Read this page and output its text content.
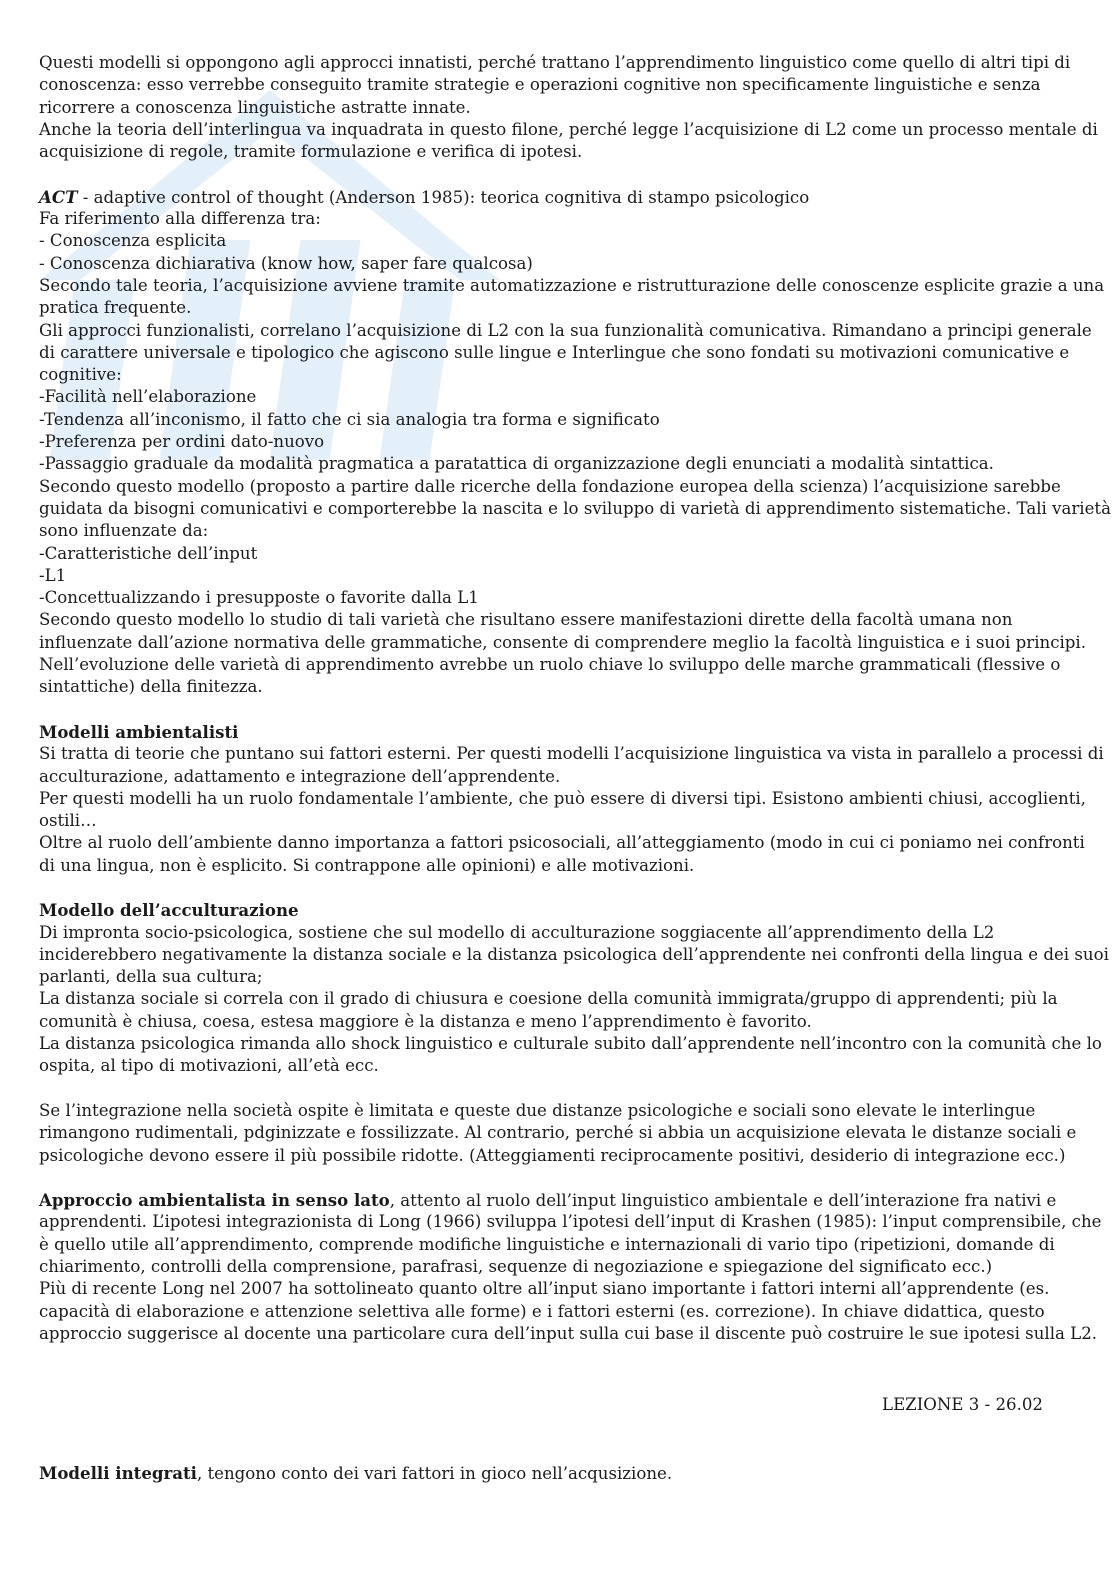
Questi modelli si oppongono agli approcci innatisti, perché trattano l’apprendimento linguistico come quello di altri tipi di
conoscenza: esso verrebbe conseguito tramite strategie e operazioni cognitive non specificamente linguistiche e senza
ricorrere a conoscenza linguistiche astratte innate.
Anche la teoria dell’interlingua va inquadrata in questo filone, perché legge l’acquisizione di L2 come un processo mentale di
acquisizione di regole, tramite formulazione e verifica di ipotesi.
ACT - adaptive control of thought (Anderson 1985): teorica cognitiva di stampo psicologico
Fa riferimento alla differenza tra:
- Conoscenza esplicita
- Conoscenza dichiarativa (know how, saper fare qualcosa)
Secondo tale teoria, l’acquisizione avviene tramite automatizzazione e ristrutturazione delle conoscenze esplicite grazie a una
pratica frequente.
Gli approcci funzionalisti, correlano l’acquisizione di L2 con la sua funzionalità comunicativa. Rimandano a principi generale
di carattere universale e tipologico che agiscono sulle lingue e Interlingue che sono fondati su motivazioni comunicative e
cognitive:
-Facilità nell’elaborazione
-Tendenza all’inconismo, il fatto che ci sia analogia tra forma e significato
-Preferenza per ordini dato-nuovo
-Passaggio graduale da modalità pragmatica a paratattica di organizzazione degli enunciati a modalità sintattica.
Secondo questo modello (proposto a partire dalle ricerche della fondazione europea della scienza) l’acquisizione sarebbe
guidata da bisogni comunicativi e comporterebbe la nascita e lo sviluppo di varietà di apprendimento sistematiche. Tali varietà
sono influenzate da:
-Caratteristiche dell’input
-L1
-Concettualizzando i presupposte o favorite dalla L1
Secondo questo modello lo studio di tali varietà che risultano essere manifestazioni dirette della facoltà umana non
influenzate dall’azione normativa delle grammatiche, consente di comprendere meglio la facoltà linguistica e i suoi principi.
Nell’evoluzione delle varietà di apprendimento avrebbe un ruolo chiave lo sviluppo delle marche grammaticali (flessive o
sintattiche) della finitezza.
Modelli ambientalisti
Si tratta di teorie che puntano sui fattori esterni. Per questi modelli l’acquisizione linguistica va vista in parallelo a processi di
acculturazione, adattamento e integrazione dell’apprendente.
Per questi modelli ha un ruolo fondamentale l’ambiente, che può essere di diversi tipi. Esistono ambienti chiusi, accoglienti,
ostili…
Oltre al ruolo dell’ambiente danno importanza a fattori psicosociali, all’atteggiamento (modo in cui ci poniamo nei confronti
di una lingua, non è esplicito. Si contrappone alle opinioni) e alle motivazioni.
Modello dell’acculturazione
Di impronta socio-psicologica, sostiene che sul modello di acculturazione soggiacente all’apprendimento della L2
inciderebbero negativamente la distanza sociale e la distanza psicologica dell’apprendente nei confronti della lingua e dei suoi
parlanti, della sua cultura;
La distanza sociale si correla con il grado di chiusura e coesione della comunità immigrata/gruppo di apprendenti; più la
comunità è chiusa, coesa, estesa maggiore è la distanza e meno l’apprendimento è favorito.
La distanza psicologica rimanda allo shock linguistico e culturale subito dall’apprendente nell’incontro con la comunità che lo
ospita, al tipo di motivazioni, all’età ecc.
Se l’integrazione nella società ospite è limitata e queste due distanze psicologiche e sociali sono elevate le interlingue
rimangono rudimentali, pdginizzate e fossilizzate. Al contrario, perché si abbia un acquisizione elevata le distanze sociali e
psicologiche devono essere il più possibile ridotte. (Atteggiamenti reciprocamente positivi, desiderio di integrazione ecc.)
Approccio ambientalista in senso lato, attento al ruolo dell’input linguistico ambientale e dell’interazione fra nativi e
apprendenti. L’ipotesi integrazionista di Long (1966) sviluppa l’ipotesi dell’input di Krashen (1985): l’input comprensibile, che
è quello utile all’apprendimento, comprende modifiche linguistiche e internazionali di vario tipo (ripetizioni, domande di
chiarimento, controlli della comprensione, parafrasi, sequenze di negoziazione e spiegazione del significato ecc.)
Più di recente Long nel 2007 ha sottolineato quanto oltre all’input siano importante i fattori interni all’apprendente (es.
capacità di elaborazione e attenzione selettiva alle forme) e i fattori esterni (es. correzione). In chiave didattica, questo
approccio suggerisce al docente una particolare cura dell’input sulla cui base il discente può costruire le sue ipotesi sulla L2.
LEZIONE 3 - 26.02
Modelli integrati, tengono conto dei vari fattori in gioco nell’acqusizione.
